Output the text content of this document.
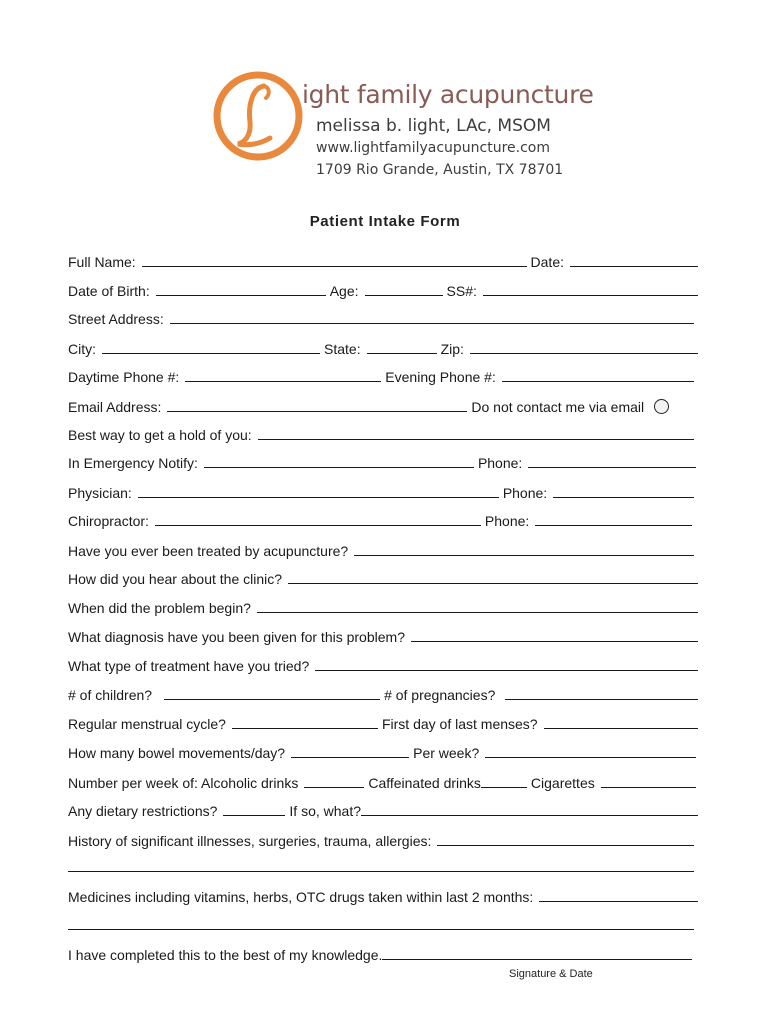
ight family acupuncture
melissa b. light, LAc, MSOM
www.lightfamilyacupuncture.com
1709 Rio Grande, Austin, TX 78701
Patient Intake Form
Full Name:	Date:
Date of Birth:	Age:	SS#:
Street Address:
City:	State:	Zip:
Daytime Phone #:	Evening Phone #:
Email Address:	Do not contact me via email
Best way to get a hold of you:
In Emergency Notify:	Phone:
Physician:	Phone:
Chiropractor:	Phone:
Have you ever been treated by acupuncture?
How did you hear about the clinic?
When did the problem begin?
What diagnosis have you been given for this problem?
What type of treatment have you tried?
# of children?	# of pregnancies?
Regular menstrual cycle?	First day of last menses?
How many bowel movements/day?	Per week?
Number per week of: Alcoholic drinks	Caffeinated drinks	Cigarettes
Any dietary restrictions?	If so, what?
History of significant illnesses, surgeries, trauma, allergies:
Medicines including vitamins, herbs, OTC drugs taken within last 2 months:
I have completed this to the best of my knowledge.
Signature & Date
